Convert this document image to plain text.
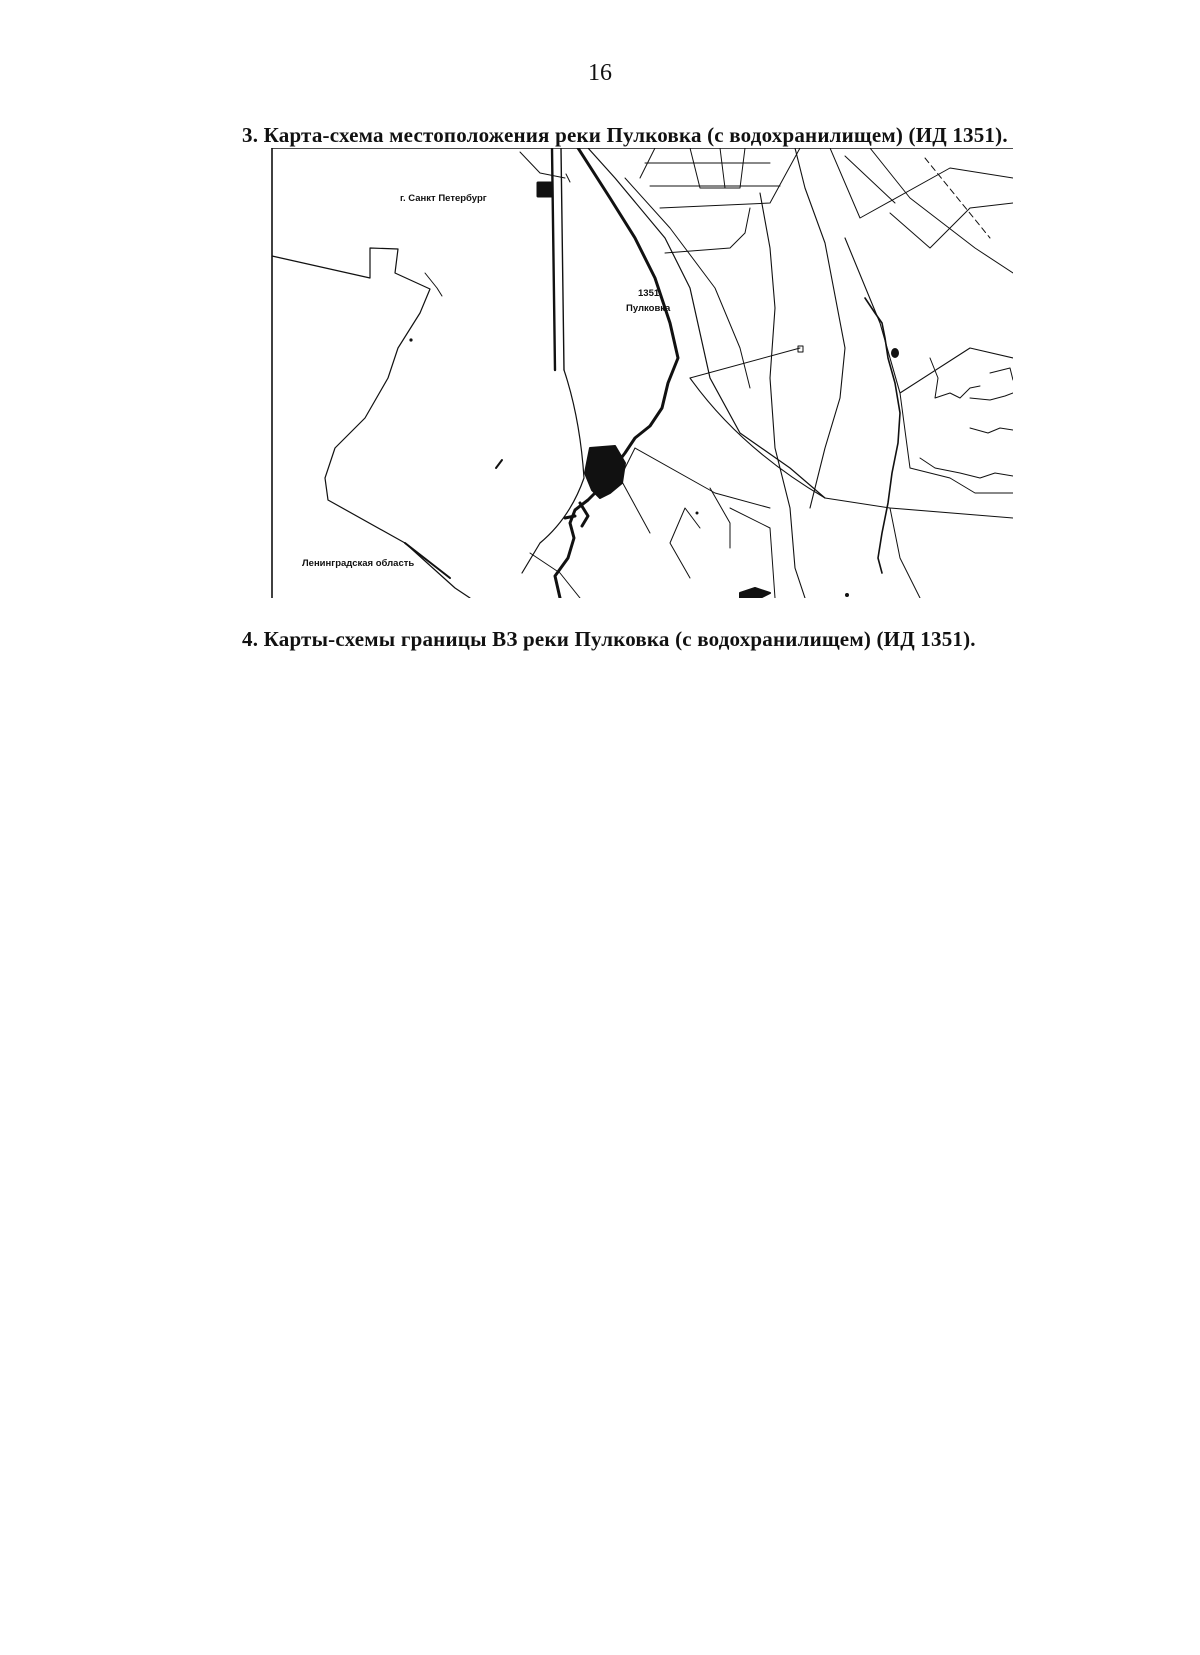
16
3. Карта-схема местоположения реки Пулковка (с водохранилищем) (ИД 1351).
г. Санкт Петербург
1351
Пулковка
Ленинградская область
4. Карты-схемы границы ВЗ реки Пулковка (с водохранилищем) (ИД 1351).
